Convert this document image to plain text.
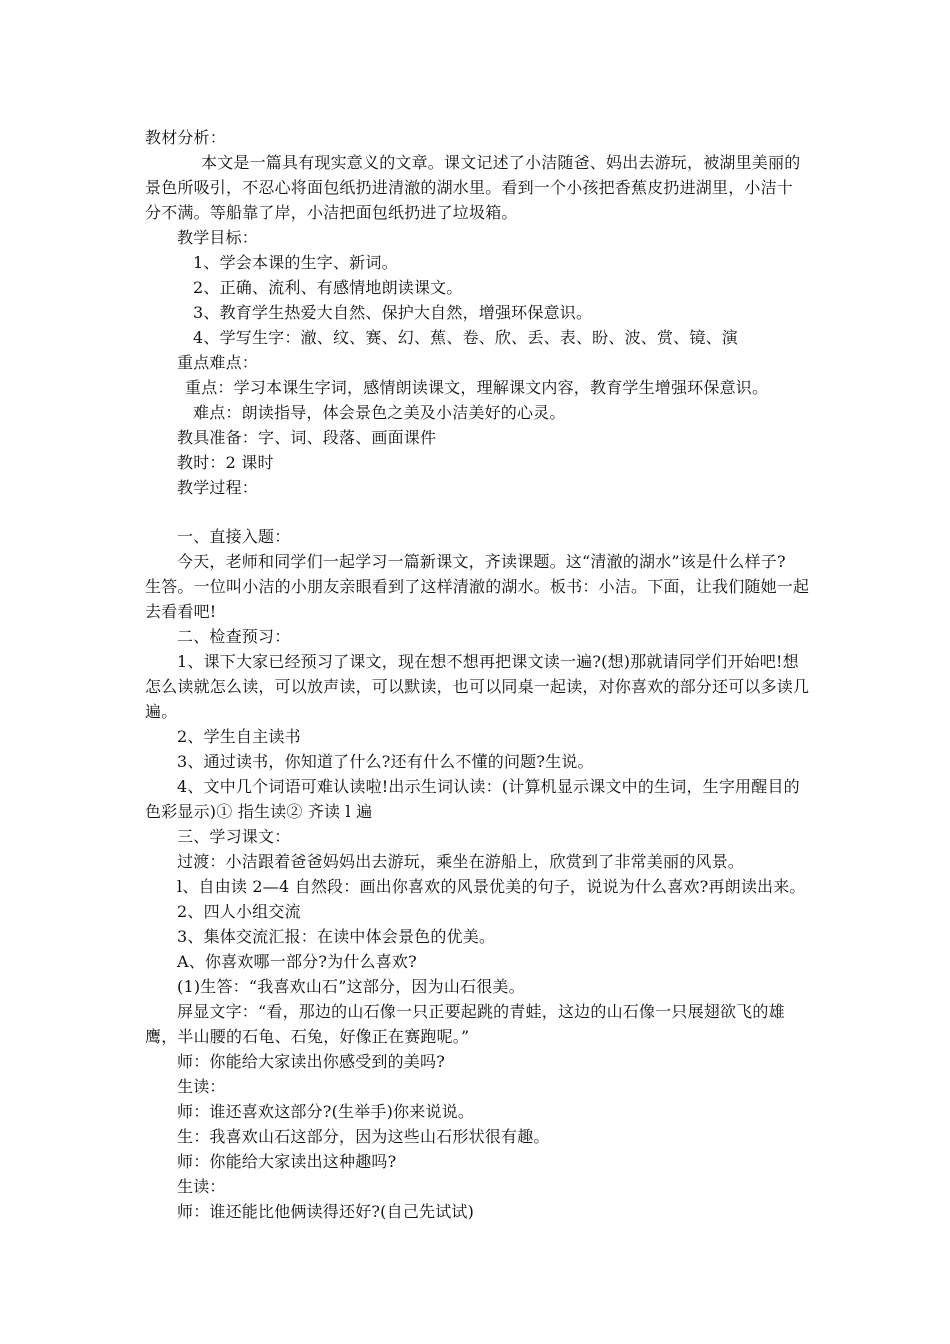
教材分析：
本文是一篇具有现实意义的文章。课文记述了小洁随爸、妈出去游玩，被湖里美丽的
景色所吸引，不忍心将面包纸扔进清澈的湖水里。看到一个小孩把香蕉皮扔进湖里，小洁十
分不满。等船靠了岸，小洁把面包纸扔进了垃圾箱。
教学目标：
1、学会本课的生字、新词。
2、正确、流利、有感情地朗读课文。
3、教育学生热爱大自然、保护大自然，增强环保意识。
4、学写生字：澈、纹、赛、幻、蕉、卷、欣、丢、表、盼、波、赏、镜、演
重点难点：
重点：学习本课生字词，感情朗读课文，理解课文内容，教育学生增强环保意识。
难点：朗读指导，体会景色之美及小洁美好的心灵。
教具准备：字、词、段落、画面课件
教时：2 课时
教学过程：
一、直接入题：
今天，老师和同学们一起学习一篇新课文，齐读课题。这“清澈的湖水”该是什么样子?
生答。一位叫小洁的小朋友亲眼看到了这样清澈的湖水。板书：小洁。下面，让我们随她一起
去看看吧!
二、检查预习：
1、课下大家已经预习了课文，现在想不想再把课文读一遍?(想)那就请同学们开始吧!想
怎么读就怎么读，可以放声读，可以默读，也可以同桌一起读，对你喜欢的部分还可以多读几
遍。
2、学生自主读书
3、通过读书，你知道了什么?还有什么不懂的问题?生说。
4、文中几个词语可难认读啦!出示生词认读：(计算机显示课文中的生词，生字用醒目的
色彩显示)① 指生读② 齐读 l 遍
三、学习课文：
过渡：小洁跟着爸爸妈妈出去游玩，乘坐在游船上，欣赏到了非常美丽的风景。
l、自由读 2—4 自然段：画出你喜欢的风景优美的句子，说说为什么喜欢?再朗读出来。
2、四人小组交流
3、集体交流汇报：在读中体会景色的优美。
A、你喜欢哪一部分?为什么喜欢?
(1)生答：“我喜欢山石”这部分，因为山石很美。
屏显文字：“看，那边的山石像一只正要起跳的青蛙，这边的山石像一只展翅欲飞的雄
鹰，半山腰的石龟、石兔，好像正在赛跑呢。”
师：你能给大家读出你感受到的美吗?
生读：
师：谁还喜欢这部分?(生举手)你来说说。
生：我喜欢山石这部分，因为这些山石形状很有趣。
师：你能给大家读出这种趣吗?
生读：
师：谁还能比他俩读得还好?(自己先试试)
